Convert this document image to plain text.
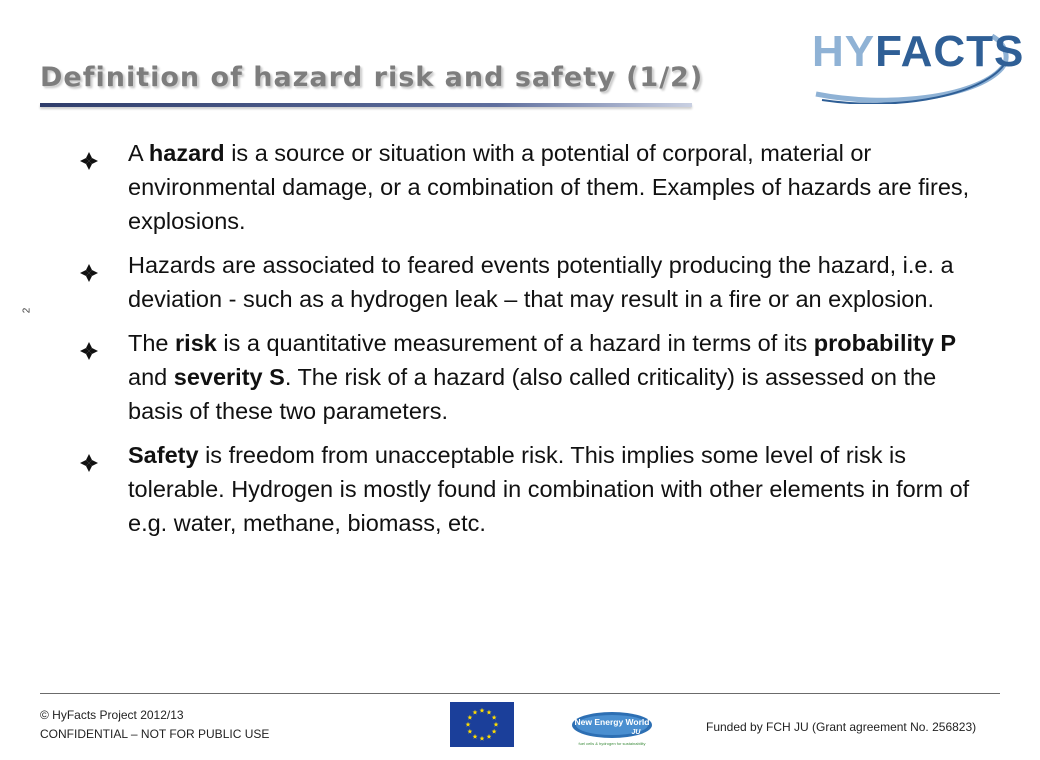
Definition of hazard risk and safety (1/2)
HYFACTS
2
A hazard is a source or situation with a potential of corporal, material or environmental damage, or a combination of them. Examples of hazards are fires, explosions.
Hazards are associated to feared events potentially producing the hazard, i.e. a deviation - such as a hydrogen leak – that may result in a fire or an explosion.
The risk is a quantitative measurement of a hazard in terms of its probability P and severity S. The risk of a hazard (also called criticality) is assessed on the basis of these two parameters.
Safety is freedom from unacceptable risk. This implies some level of risk is tolerable. Hydrogen is mostly found in combination with other elements in form of e.g. water, methane, biomass, etc.
© HyFacts Project 2012/13
CONFIDENTIAL – NOT FOR PUBLIC USE
New Energy World
JU
fuel cells & hydrogen for sustainability
Funded by FCH JU (Grant agreement No. 256823)
